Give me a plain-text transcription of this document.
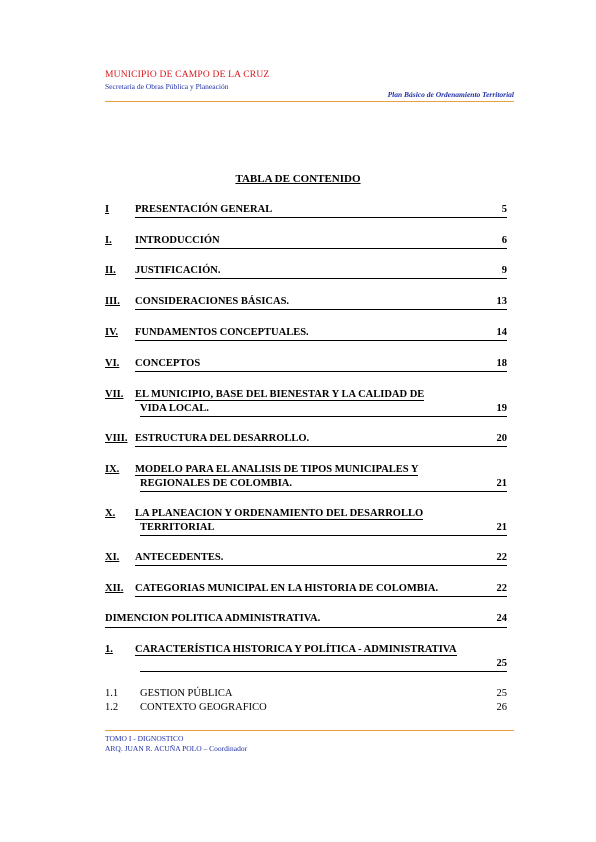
MUNICIPIO DE CAMPO DE LA CRUZ
Secretaria de Obras Pública y Planeación
Plan Básico de Ordenamiento Territorial
TABLA DE CONTENIDO
I PRESENTACIÓN GENERAL	5
I. INTRODUCCIÓN	6
II. JUSTIFICACIÓN.	9
III. CONSIDERACIONES BÁSICAS.	13
IV. FUNDAMENTOS CONCEPTUALES.	14
VI. CONCEPTOS	18
VII. EL MUNICIPIO, BASE DEL BIENESTAR Y LA CALIDAD DE
VIDA LOCAL.	19
VIII. ESTRUCTURA DEL DESARROLLO.	20
IX. MODELO PARA EL ANALISIS DE TIPOS MUNICIPALES Y
REGIONALES DE COLOMBIA.	21
X. LA PLANEACION Y ORDENAMIENTO DEL DESARROLLO
TERRITORIAL	21
XI. ANTECEDENTES.	22
XII. CATEGORIAS MUNICIPAL EN LA HISTORIA DE COLOMBIA.	22
DIMENCION POLITICA ADMINISTRATIVA.	24
1. CARACTERÍSTICA HISTORICA Y POLÍTICA - ADMINISTRATIVA
25
1.1 GESTION PÚBLICA	25
1.2 CONTEXTO GEOGRAFICO	26
TOMO I - DIGNOSTICO
ARQ. JUAN R. ACUÑA POLO – Coordinador
